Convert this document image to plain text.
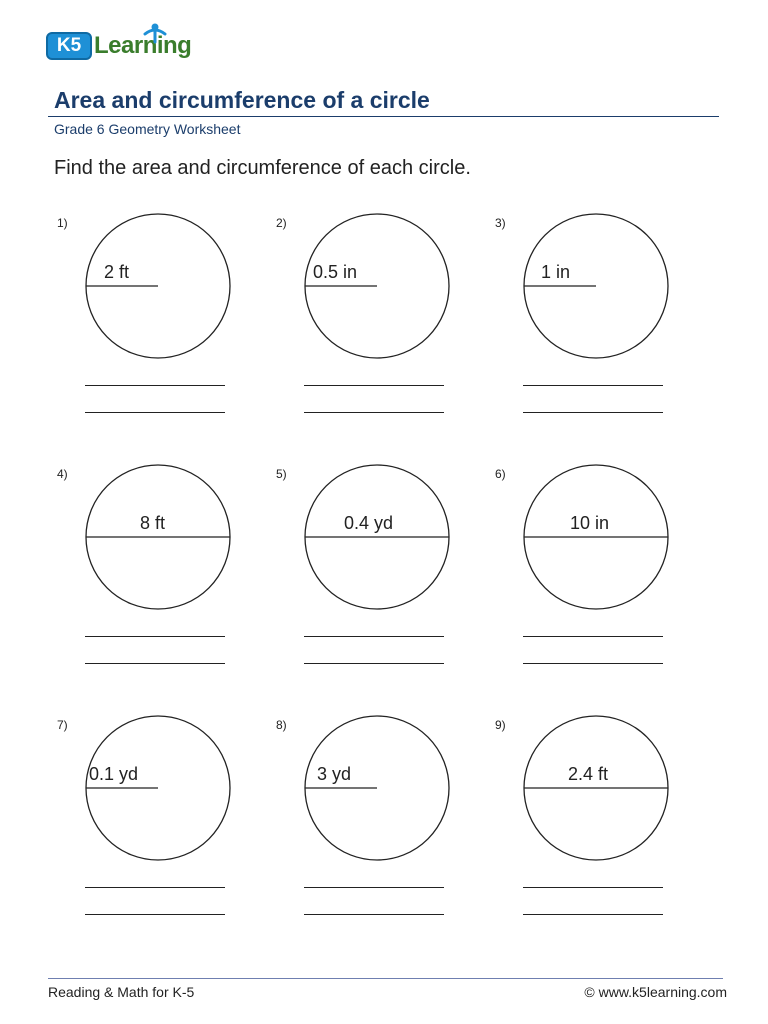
K5 Learning
Area and circumference of a circle
Grade 6 Geometry Worksheet
Find the area and circumference of each circle.
1)
2 ft
2)
0.5 in
3)
1 in
4)
8 ft
5)
0.4 yd
6)
10 in
7)
0.1 yd
8)
3 yd
9)
2.4 ft
Reading & Math for K-5	© www.k5learning.com
